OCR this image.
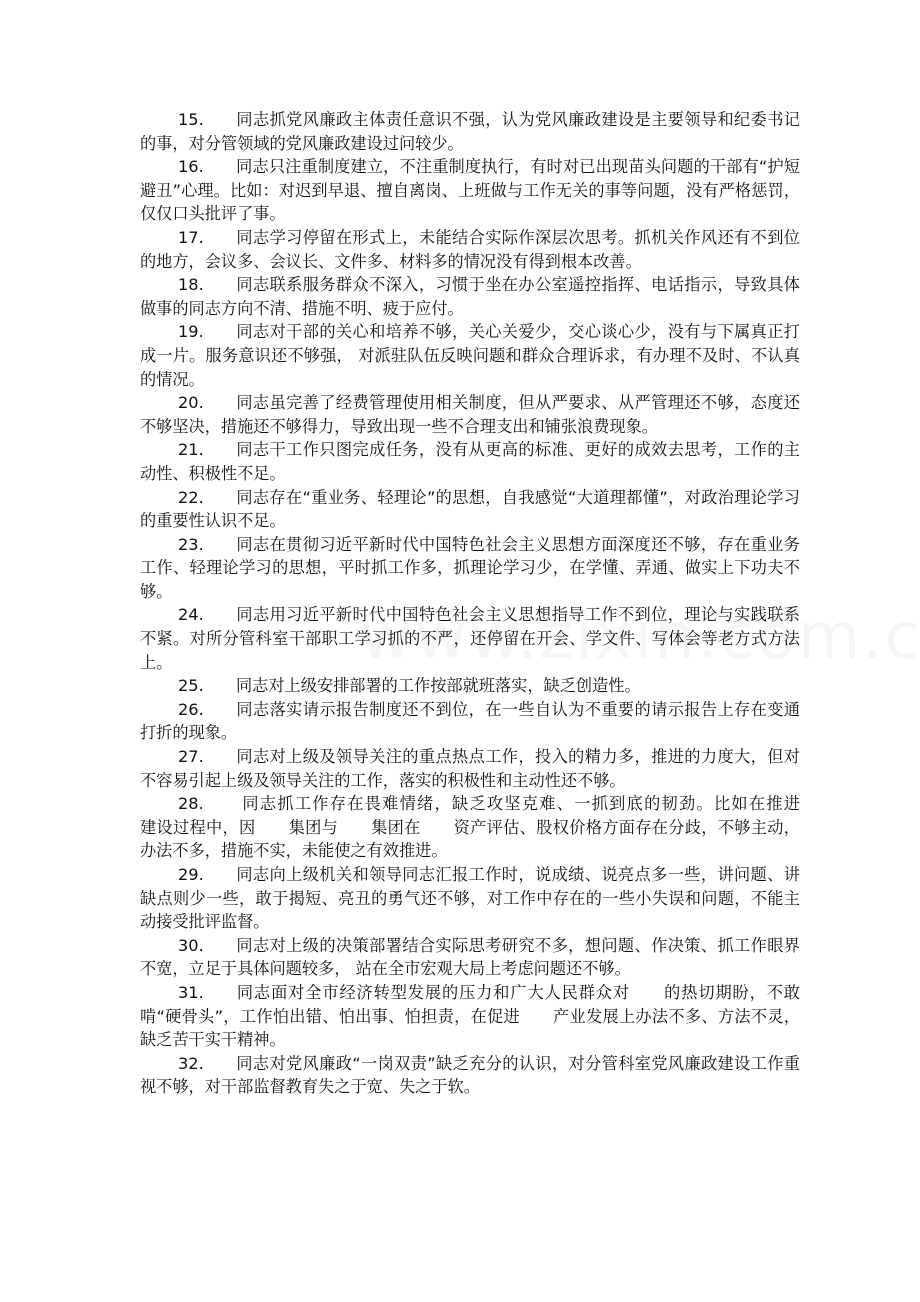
15. 同志抓党风廉政主体责任意识不强，认为党风廉政建设是主要领导和纪委书记的事，对分管领域的党风廉政建设过问较少。

16. 同志只注重制度建立，不注重制度执行，有时对已出现苗头问题的干部有“护短避丑”心理。比如：对迟到早退、擅自离岗、上班做与工作无关的事等问题，没有严格惩罚，仅仅口头批评了事。

17. 同志学习停留在形式上，未能结合实际作深层次思考。抓机关作风还有不到位的地方，会议多、会议长、文件多、材料多的情况没有得到根本改善。

18. 同志联系服务群众不深入，习惯于坐在办公室遥控指挥、电话指示，导致具体做事的同志方向不清、措施不明、疲于应付。

19. 同志对干部的关心和培养不够，关心关爱少，交心谈心少，没有与下属真正打成一片。服务意识还不够强， 对派驻队伍反映问题和群众合理诉求，有办理不及时、不认真的情况。

20. 同志虽完善了经费管理使用相关制度，但从严要求、从严管理还不够，态度还不够坚决，措施还不够得力，导致出现一些不合理支出和铺张浪费现象。

21. 同志干工作只图完成任务，没有从更高的标准、更好的成效去思考，工作的主动性、积极性不足。

22. 同志存在“重业务、轻理论”的思想，自我感觉“大道理都懂”，对政治理论学习的重要性认识不足。

23. 同志在贯彻习近平新时代中国特色社会主义思想方面深度还不够，存在重业务工作、轻理论学习的思想，平时抓工作多，抓理论学习少，在学懂、弄通、做实上下功夫不够。

24. 同志用习近平新时代中国特色社会主义思想指导工作不到位，理论与实践联系不紧。对所分管科室干部职工学习抓的不严，还停留在开会、学文件、写体会等老方式方法上。

25. 同志对上级安排部署的工作按部就班落实，缺乏创造性。

26. 同志落实请示报告制度还不到位，在一些自认为不重要的请示报告上存在变通打折的现象。

27. 同志对上级及领导关注的重点热点工作，投入的精力多，推进的力度大，但对不容易引起上级及领导关注的工作，落实的积极性和主动性还不够。

28. 同志抓工作存在畏难情绪，缺乏攻坚克难、一抓到底的韧劲。比如在推进　　建设过程中，因　　集团与　　集团在　　资产评估、股权价格方面存在分歧，不够主动，办法不多，措施不实，未能使之有效推进。

29. 同志向上级机关和领导同志汇报工作时，说成绩、说亮点多一些，讲问题、讲缺点则少一些，敢于揭短、亮丑的勇气还不够，对工作中存在的一些小失误和问题，不能主动接受批评监督。

30. 同志对上级的决策部署结合实际思考研究不多，想问题、作决策、抓工作眼界不宽，立足于具体问题较多， 站在全市宏观大局上考虑问题还不够。

31. 同志面对全市经济转型发展的压力和广大人民群众对　　的热切期盼，不敢啃“硬骨头”，工作怕出错、怕出事、怕担责，在促进　　产业发展上办法不多、方法不灵，缺乏苦干实干精神。

32. 同志对党风廉政“一岗双责”缺乏充分的认识，对分管科室党风廉政建设工作重视不够，对干部监督教育失之于宽、失之于软。
